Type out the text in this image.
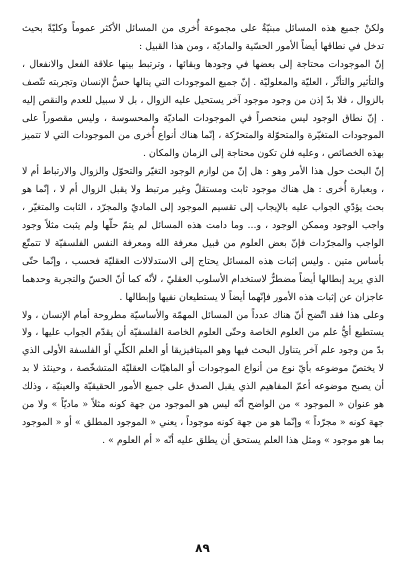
ولكنْ جميع هذه المسائل مبنيّةٌ على مجموعة أُخرى من المسائل الأكثر عموماً وكليّةً بحيث تدخل في نطاقها أيضاً الأمور الحسّية والماديّة ، ومن هذا القبيل :

إنّ الموجودات محتاجة إلى بعضها في وجودها وبقائها ، وترتبط بينها علاقة الفعل والانفعال ، والتأثير والتأثّر ، العليّة والمعلوليّة . إنّ جميع الموجودات التي ينالها حسُّ الإنسان وتجربته تتّصف بالزوال ، فلا بدّ إذن من وجود موجود آخر يستحيل عليه الزوال ، بل لا سبيل للعدم والنقص إليه . إنّ نطاق الوجود ليس منحصراً في الموجودات الماديّة والمحسوسة ، وليس مقصوراً على الموجودات المتغيّرة والمتحوّلة والمتحرّكة ، إنّما هناك أنواع أُخرى من الموجودات التي لا تتميز بهذه الخصائص ، وعليه فلن تكون محتاجة إلى الزمان والمكان .

إنّ البحث حول هذا الأمر وهو : هل إنّ من لوازم الوجود التغيّر والتحوّل والزوال والارتباط أم لا ، وبعبارة أُخرى : هل هناك موجود ثابت ومستقلّ وغير مرتبط ولا يقبل الزوال أم لا ، إنّما هو بحث يؤدّي الجواب عليه بالإيجاب إلى تقسيم الموجود إلى الماديّ والمجرّد ، الثابت والمتغيّر ، واجب الوجود وممكن الوجود ، و... وما دامت هذه المسائل لم يتمّ حلّها ولم يثبت مثلاً وجود الواجب والمجرّدات فإنّ بعض العلوم من قبيل معرفة الله ومعرفة النفس الفلسفيّة لا تتمتّع بأساس متين . وليس إثبات هذه المسائل يحتاج إلى الاستدلالات العقليّة فحسب ، وإنّما حتّى الذي يريد إبطالها أيضاً مضطرٌّ لاستخدام الأسلوب العقليّ ، لأنّه كما أنّ الحسّ والتجربة وحدهما عاجزان عن إثبات هذه الأمور فإنّهما أيضاً لا يستطيعان نفيها وإبطالها .

وعلى هذا فقد اتّضح أنّ هناك عدداً من المسائل المهمّة والأساسيّة مطروحة أمام الإنسان ، ولا يستطيع أيُّ علم من العلوم الخاصة وحتّى العلوم الخاصة الفلسفيّة أن يقدّم الجواب عليها ، ولا بدّ من وجود علم آخر يتناول البحث فيها وهو الميتافيزيقا أو العلم الكلّي أو الفلسفة الأولى الذي لا يختصّ موضوعه بأيّ نوع من أنواع الموجودات أو الماهيّات العقليّة المتشخّصة ، وحينئذ لا بد أن يصبح موضوعه أعمّ المفاهيم الذي يقبل الصدق على جميع الأمور الحقيقيّة والعينيّة ، وذلك هو عنوان « الموجود » من الواضح أنّه ليس هو الموجود من جهة كونه مثلاً « ماديّاً » ولا من جهة كونه « مجرّداً » وإنّما هو من جهة كونه موجوداً ، يعني « الموجود المطلق » أو « الموجود بما هو موجود » ومثل هذا العلم يستحق أن يطلق عليه أنّه « أم العلوم » .

٨٩
